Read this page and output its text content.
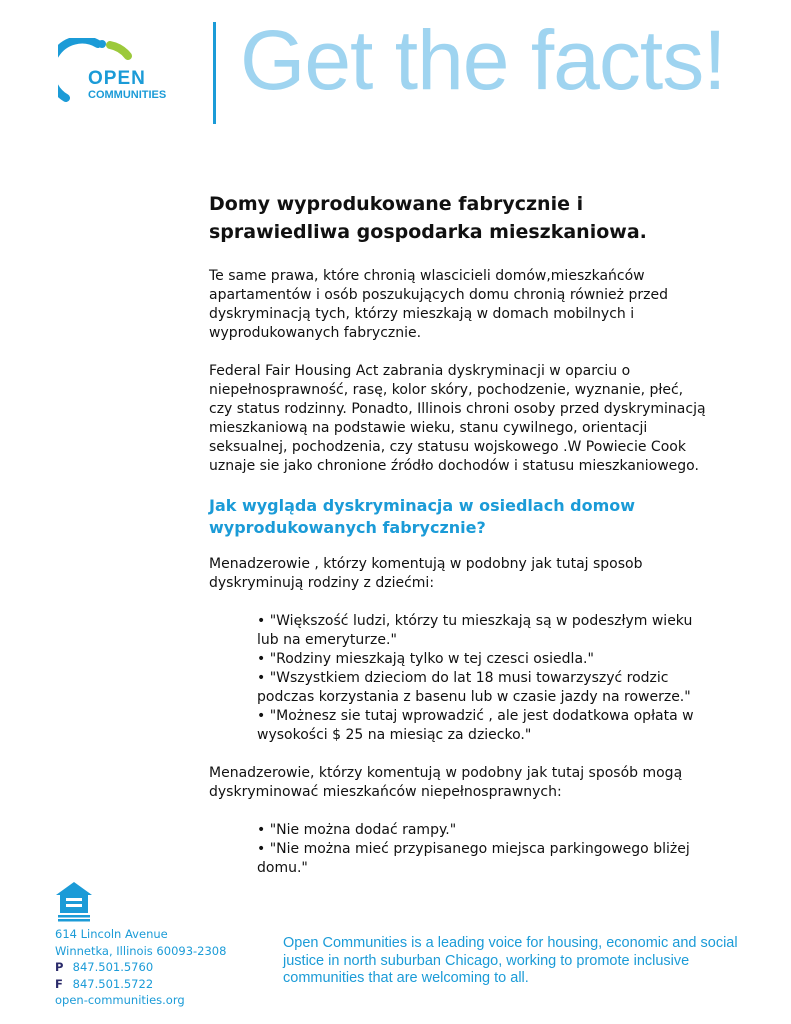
OPEN
COMMUNITIES Get the facts!
Domy wyprodukowane fabrycznie i sprawiedliwa gospodarka mieszkaniowa.

Te same prawa, które chronią wlascicieli domów,mieszkańców apartamentów i osób poszukujących domu chronią również przed dyskryminacją tych, którzy mieszkają w domach mobilnych i wyprodukowanych fabrycznie.

Federal Fair Housing Act zabrania dyskryminacji w oparciu o niepełnosprawność, rasę, kolor skóry, pochodzenie, wyznanie, płeć, czy status rodzinny. Ponadto, Illinois chroni osoby przed dyskryminacją mieszkaniową na podstawie wieku, stanu cywilnego, orientacji seksualnej, pochodzenia, czy statusu wojskowego .W Powiecie Cook uznaje sie jako chronione źródło dochodów i statusu mieszkaniowego.

Jak wygląda dyskryminacja w osiedlach domow wyprodukowanych fabrycznie?

Menadzerowie , którzy komentują w podobny jak tutaj sposob dyskryminują rodziny z dziećmi:

• "Większość ludzi, którzy tu mieszkają są w podeszłym wieku lub na emeryturze."
• "Rodziny mieszkają tylko w tej czesci osiedla."
• "Wszystkiem dzieciom do lat 18 musi towarzyszyć rodzic podczas korzystania z basenu lub w czasie jazdy na rowerze."
• "Możnesz sie tutaj wprowadzić , ale jest dodatkowa opłata w wysokości $ 25 na miesiąc za dziecko."

Menadzerowie, którzy komentują w podobny jak tutaj sposób mogą dyskryminować mieszkańców niepełnosprawnych:

• "Nie można dodać rampy."
• "Nie można mieć przypisanego miejsca parkingowego bliżej domu."
614 Lincoln Avenue
Winnetka, Illinois 60093-2308
P 847.501.5760
F 847.501.5722
open-communities.org
Open Communities is a leading voice for housing, economic and social justice in north suburban Chicago, working to promote inclusive communities that are welcoming to all.
